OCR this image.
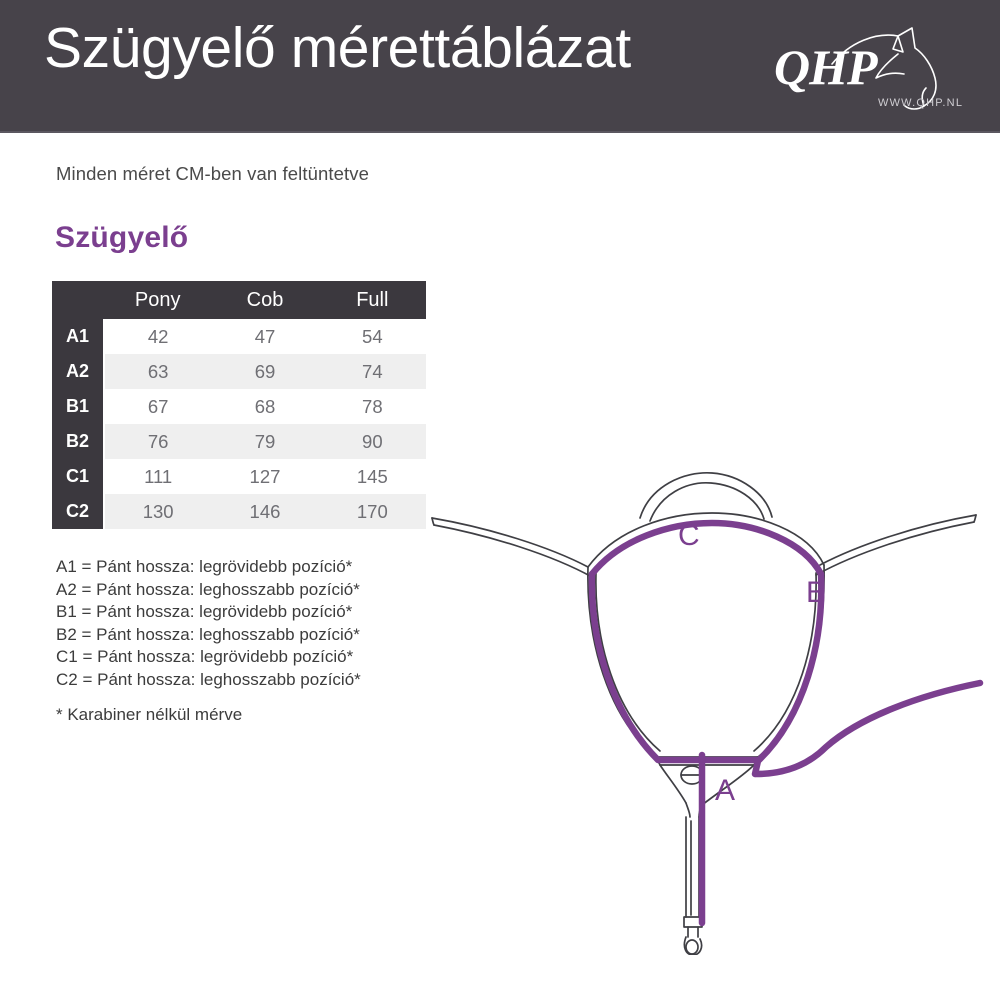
Szügyelő mérettáblázat	QHP
WWW.QHP.NL
Minden méret CM-ben van feltüntetve
Szügyelő
	Pony	Cob	Full
A1	42	47	54
A2	63	69	74
B1	67	68	78
B2	76	79	90
C1	111	127	145
C2	130	146	170
A1 = Pánt hossza: legrövidebb pozíció*
A2 = Pánt hossza: leghosszabb pozíció*
B1 = Pánt hossza: legrövidebb pozíció*
B2 = Pánt hossza: leghosszabb pozíció*
C1 = Pánt hossza: legrövidebb pozíció*
C2 = Pánt hossza: leghosszabb pozíció*
* Karabiner nélkül mérve
C
B
A
